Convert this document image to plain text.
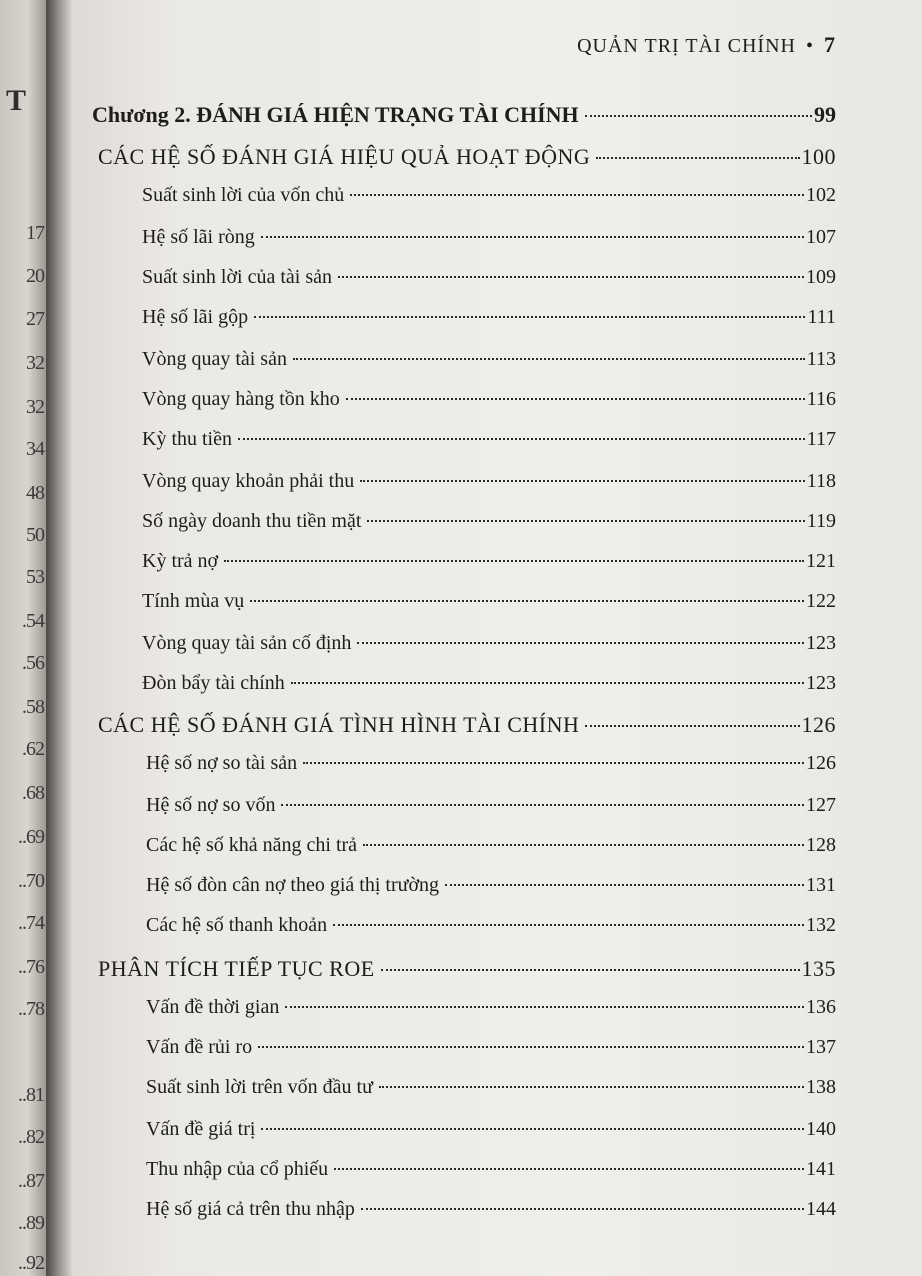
T
17
20
27
32
32
34
48
50
53
.54
.56
.58
.62
.68
..69
..70
..74
..76
..78
..81
..82
..87
..89
..92
QUẢN TRỊ TÀI CHÍNH • 7
Chương 2. ĐÁNH GIÁ HIỆN TRẠNG TÀI CHÍNH	99
CÁC HỆ SỐ ĐÁNH GIÁ HIỆU QUẢ HOẠT ĐỘNG	100
Suất sinh lời của vốn chủ	102
Hệ số lãi ròng	107
Suất sinh lời của tài sản	109
Hệ số lãi gộp	111
Vòng quay tài sản	113
Vòng quay hàng tồn kho	116
Kỳ thu tiền	117
Vòng quay khoản phải thu	118
Số ngày doanh thu tiền mặt	119
Kỳ trả nợ	121
Tính mùa vụ	122
Vòng quay tài sản cố định	123
Đòn bẩy tài chính	123
CÁC HỆ SỐ ĐÁNH GIÁ TÌNH HÌNH TÀI CHÍNH	126
Hệ số nợ so tài sản	126
Hệ số nợ so vốn	127
Các hệ số khả năng chi trả	128
Hệ số đòn cân nợ theo giá thị trường	131
Các hệ số thanh khoản	132
PHÂN TÍCH TIẾP TỤC ROE	135
Vấn đề thời gian	136
Vấn đề rủi ro	137
Suất sinh lời trên vốn đầu tư	138
Vấn đề giá trị	140
Thu nhập của cổ phiếu	141
Hệ số giá cả trên thu nhập	144
